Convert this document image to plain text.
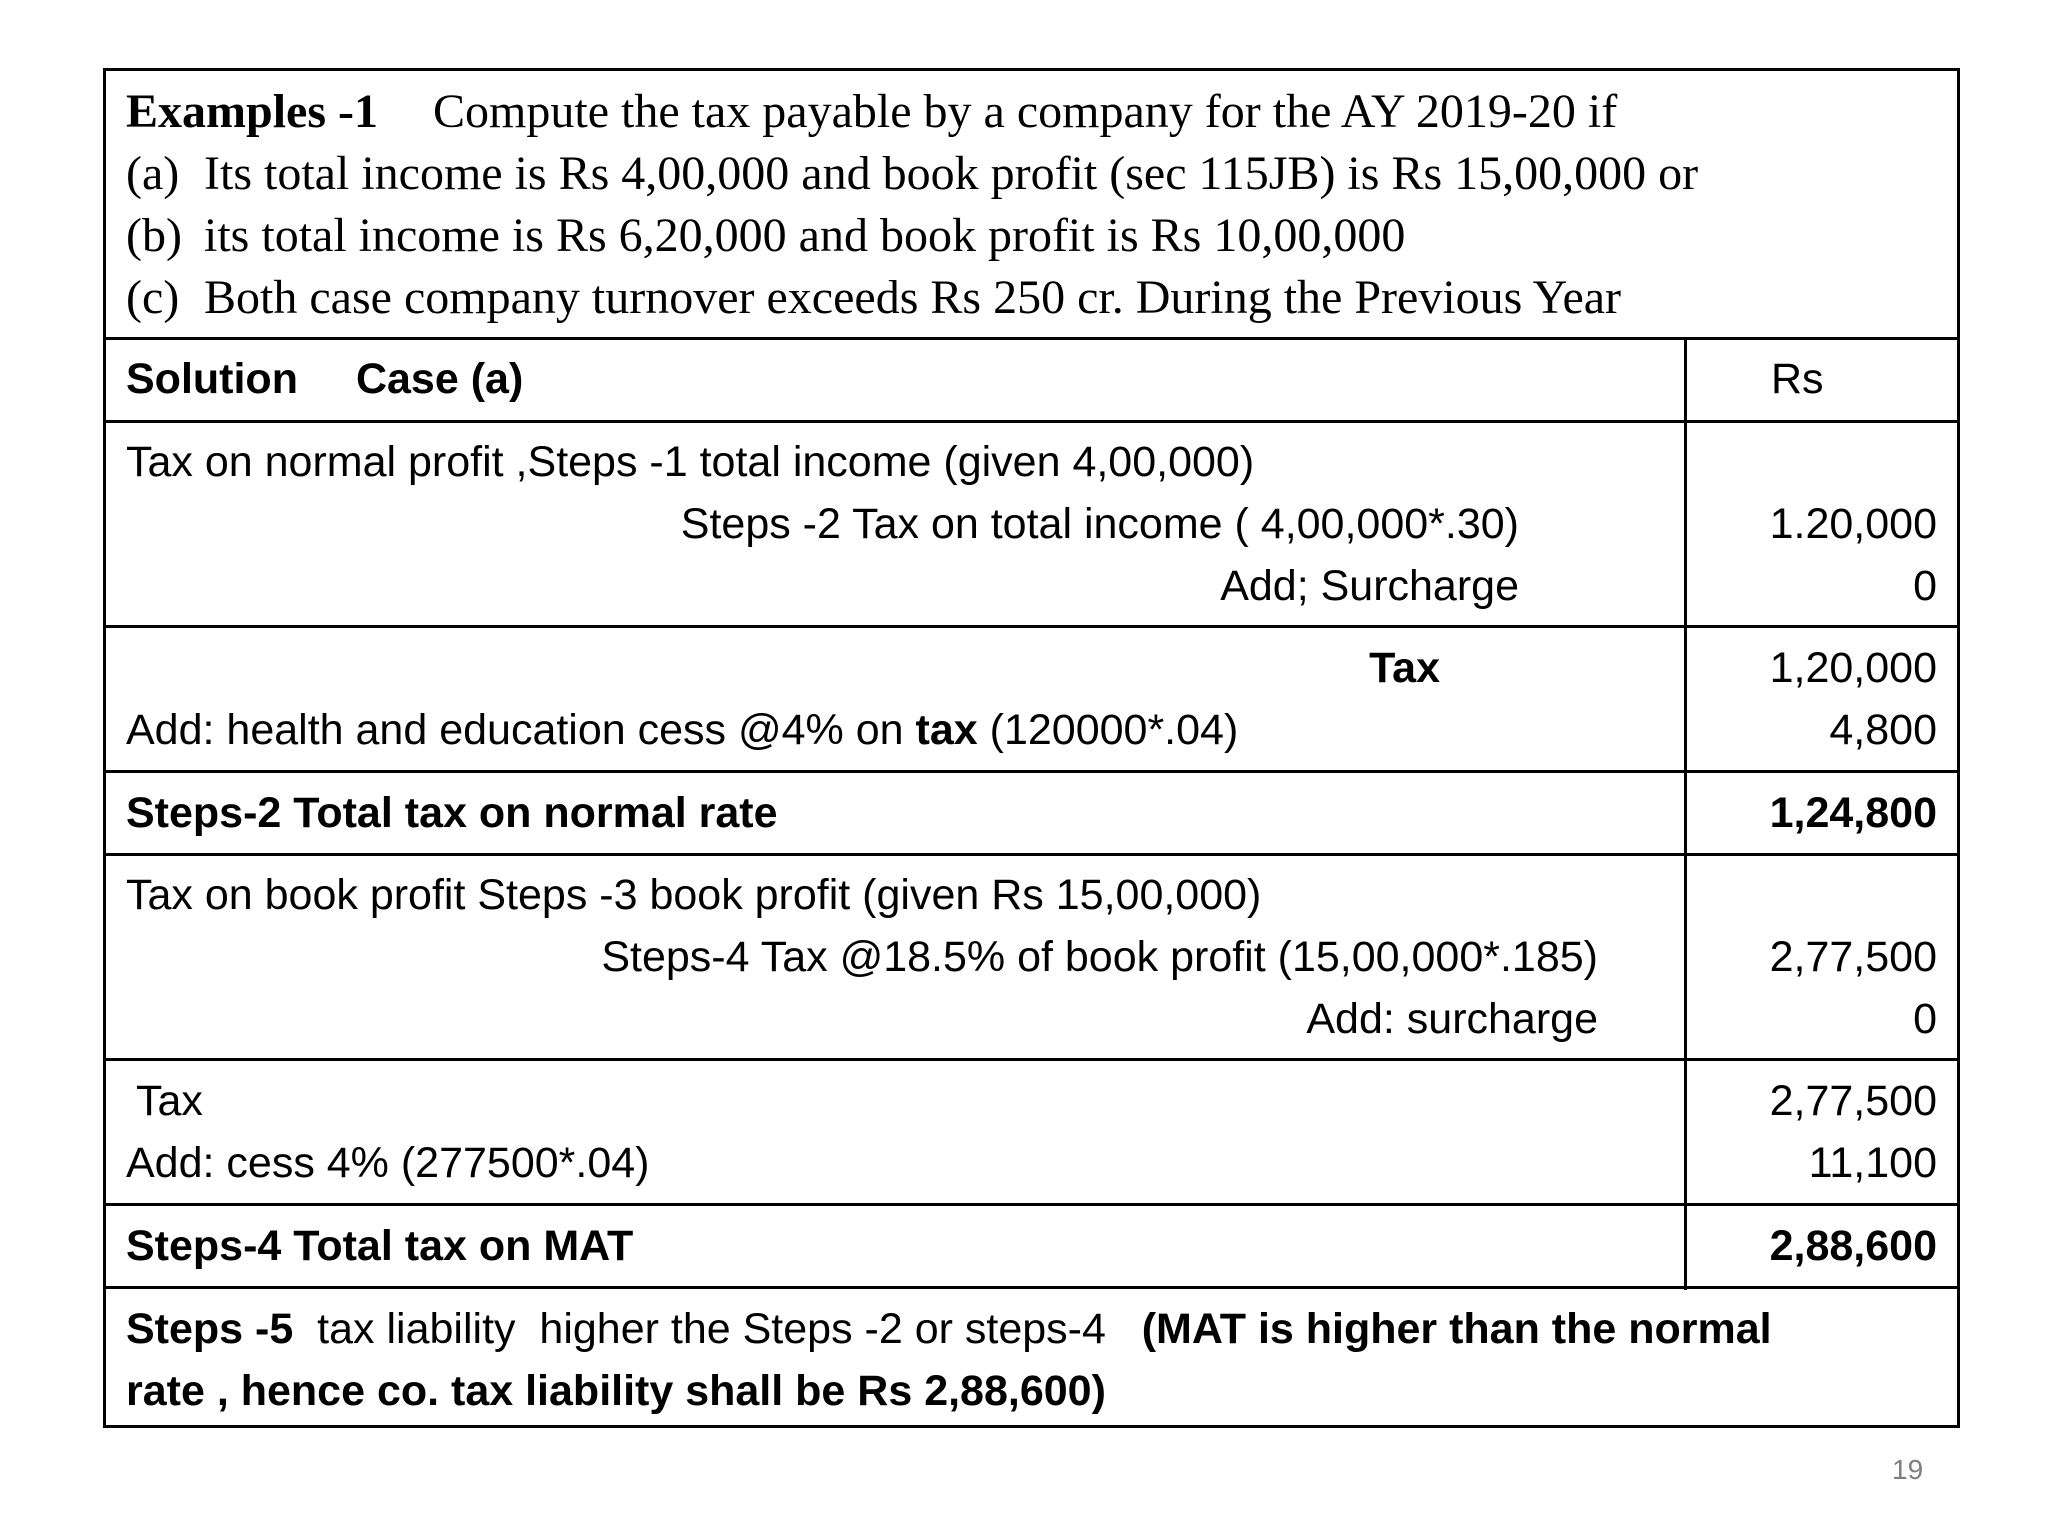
Examples -1 Compute the tax payable by a company for the AY 2019-20 if
(a) Its total income is Rs 4,00,000 and book profit (sec 115JB) is Rs 15,00,000 or
(b) its total income is Rs 6,20,000 and book profit is Rs 10,00,000
(c) Both case company turnover exceeds Rs 250 cr. During the Previous Year
Solution Case (a)	Rs
Tax on normal profit ,Steps -1 total income (given 4,00,000)
Steps -2 Tax on total income ( 4,00,000*.30)	1.20,000
Add; Surcharge	0
Tax	1,20,000
Add: health and education cess @4% on tax (120000*.04)	4,800
Steps-2 Total tax on normal rate	1,24,800
Tax on book profit Steps -3 book profit (given Rs 15,00,000)
Steps-4 Tax @18.5% of book profit (15,00,000*.185)	2,77,500
Add: surcharge	0
Tax	2,77,500
Add: cess 4% (277500*.04)	11,100
Steps-4 Total tax on MAT	2,88,600
Steps -5  tax liability  higher the Steps -2 or steps-4   (MAT is higher than the normal
rate , hence co. tax liability shall be Rs 2,88,600)
19
